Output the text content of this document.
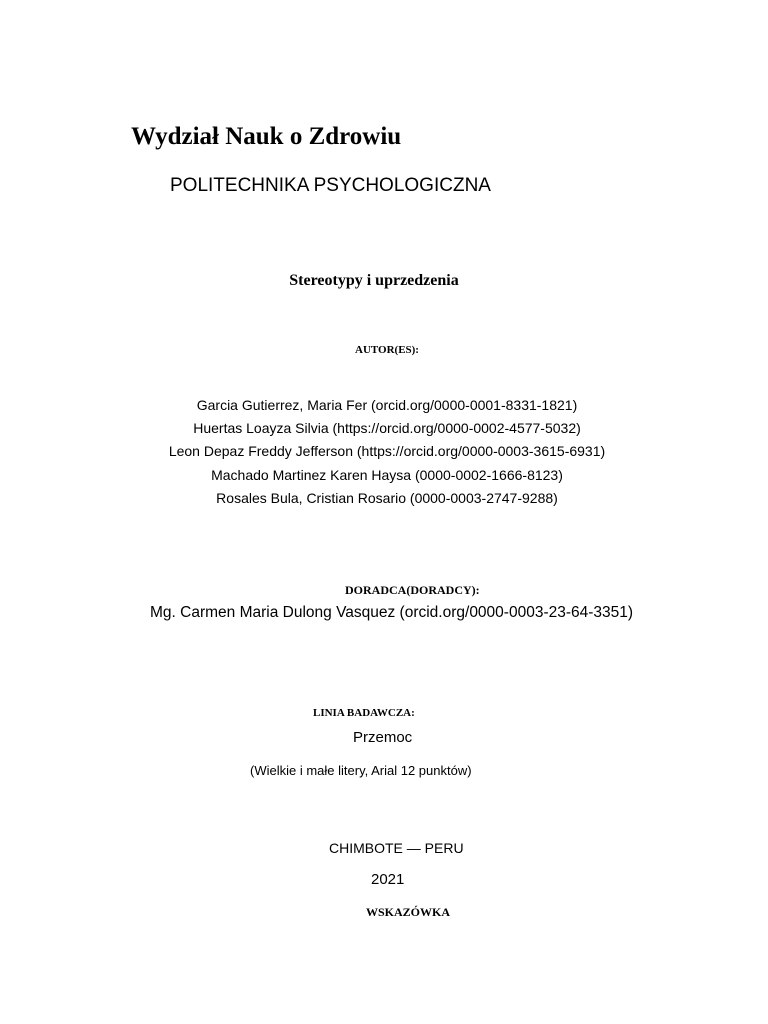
Wydział Nauk o Zdrowiu
POLITECHNIKA PSYCHOLOGICZNA
Stereotypy i uprzedzenia
AUTOR(ES):
Garcia Gutierrez, Maria Fer (orcid.org/0000-0001-8331-1821)
Huertas Loayza Silvia (https://orcid.org/0000-0002-4577-5032)
Leon Depaz Freddy Jefferson (https://orcid.org/0000-0003-3615-6931)
Machado Martinez Karen Haysa (0000-0002-1666-8123)
Rosales Bula, Cristian Rosario (0000-0003-2747-9288)
DORADCA(DORADCY):
Mg. Carmen Maria Dulong Vasquez (orcid.org/0000-0003-23-64-3351)
LINIA BADAWCZA:
Przemoc
(Wielkie i małe litery, Arial 12 punktów)
CHIMBOTE — PERU
2021
WSKAZÓWKA
